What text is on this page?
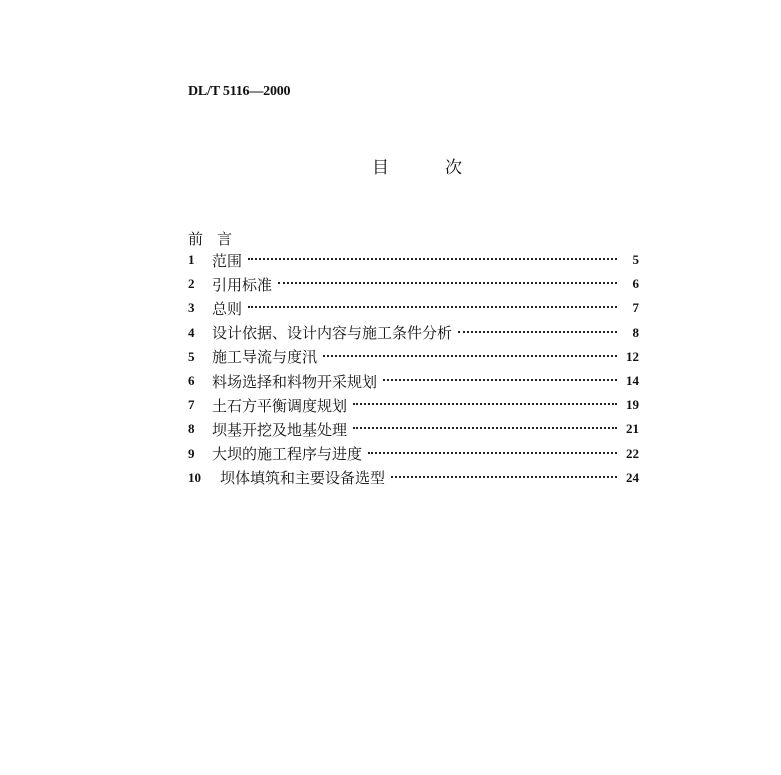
DL/T 5116—2000
目	次
前言
1	范围	5
2	引用标准	6
3	总则	7
4	设计依据、设计内容与施工条件分析	8
5	施工导流与度汛	12
6	料场选择和料物开采规划	14
7	土石方平衡调度规划	19
8	坝基开挖及地基处理	21
9	大坝的施工程序与进度	22
10	坝体填筑和主要设备选型	24
